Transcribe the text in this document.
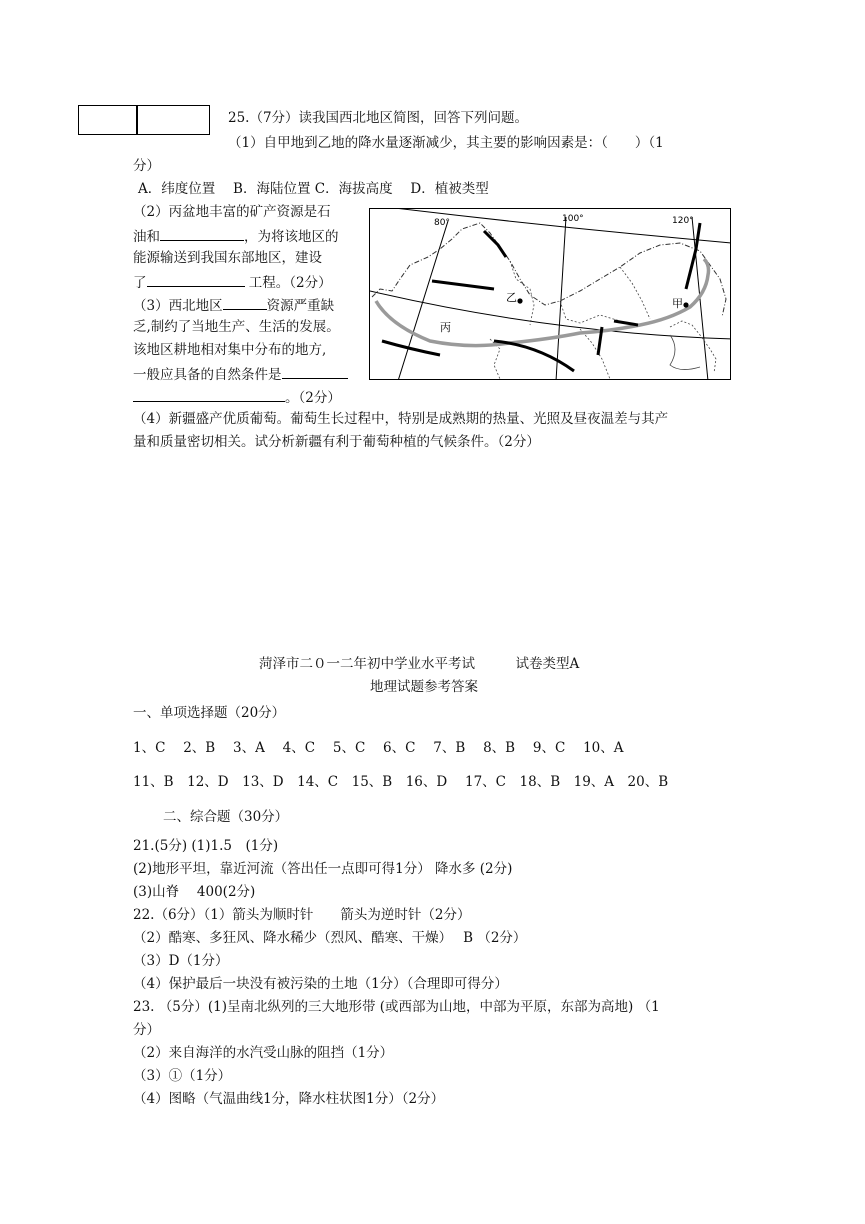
25.（7分）读我国西北地区简图，回答下列问题。
（1）自甲地到乙地的降水量逐渐减少，其主要的影响因素是：（　　）（1
分）
A．纬度位置　 B．海陆位置 C．海拔高度　 D．植被类型
（2）丙盆地丰富的矿产资源是石
油和	，为将该地区的
能源输送到我国东部地区，建设
了	工程。（2分）
（3）西北地区	资源严重缺
乏,制约了当地生产、生活的发展。
该地区耕地相对集中分布的地方,
一般应具备的自然条件是
。（2分）
（4）新疆盛产优质葡萄。葡萄生长过程中，特别是成熟期的热量、光照及昼夜温差与其产
量和质量密切相关。试分析新疆有利于葡萄种植的气候条件。（2分）
80°	100°	120°
乙	甲
丙
菏泽市二０一二年初中学业水平考试　　　试卷类型A
地理试题参考答案
一、单项选择题（20分）
1、C　 2、B　 3、A　 4、C　 5、C　 6、C　 7、B　 8、B　 9、C　 10、A
11、B　12、D　13、D　14、C　15、B　16、D　 17、C　18、B　19、A　20、B
二、综合题（30分）
21.(5分) (1)1.5　(1分)
(2)地形平坦，靠近河流（答出任一点即可得1分） 降水多 (2分)
(3)山脊　 400(2分)
22.（6分）（1）箭头为顺时针　　箭头为逆时针（2分）
（2）酷寒、多狂风、降水稀少（烈风、酷寒、干燥）　 B （2分）
（3）D（1分）
（4）保护最后一块没有被污染的土地（1分）（合理即可得分）
23. （5分）(1)呈南北纵列的三大地形带 (或西部为山地，中部为平原，东部为高地) （1
分）
（2）来自海洋的水汽受山脉的阻挡（1分）
（3）①（1分）
（4）图略（气温曲线1分，降水柱状图1分）（2分）
